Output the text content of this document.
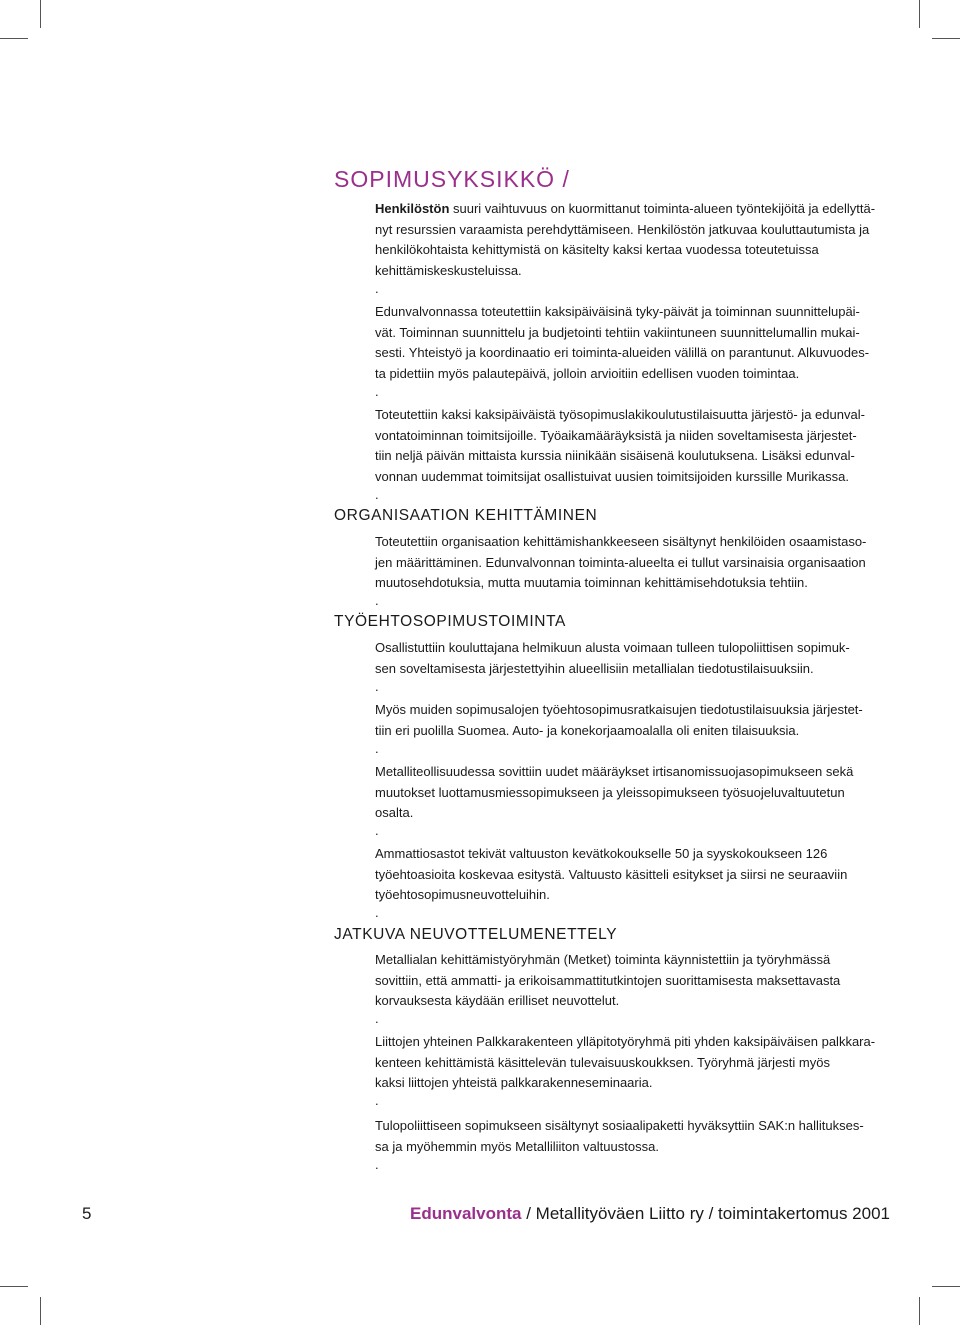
SOPIMUSYKSIKKÖ /

Henkilöstön suuri vaihtuvuus on kuormittanut toiminta-alueen työntekijöitä ja edellyttä-

nyt resurssien varaamista perehdyttämiseen. Henkilöstön jatkuvaa kouluttautumista ja

henkilökohtaista kehittymistä on käsitelty kaksi kertaa vuodessa toteutetuissa

kehittämiskeskusteluissa.

.

Edunvalvonnassa toteutettiin kaksipäiväisinä tyky-päivät ja toiminnan suunnittelupäi-

vät. Toiminnan suunnittelu ja budjetointi tehtiin vakiintuneen suunnittelumallin mukai-

sesti. Yhteistyö ja koordinaatio eri toiminta-alueiden välillä on parantunut. Alkuvuodes-

ta pidettiin myös palautepäivä, jolloin arvioitiin edellisen vuoden toimintaa.

.

Toteutettiin kaksi kaksipäiväistä työsopimuslakikoulutustilaisuutta järjestö- ja edunval-

vontatoiminnan toimitsijoille. Työaikamääräyksistä ja niiden soveltamisesta järjestet-

tiin neljä päivän mittaista kurssia niinikään sisäisenä koulutuksena. Lisäksi edunval-

vonnan uudemmat toimitsijat osallistuivat uusien toimitsijoiden kurssille Murikassa.

.

ORGANISAATION KEHITTÄMINEN

Toteutettiin organisaation kehittämishankkeeseen sisältynyt henkilöiden osaamistaso-

jen määrittäminen. Edunvalvonnan toiminta-alueelta ei tullut varsinaisia organisaation

muutosehdotuksia, mutta muutamia toiminnan kehittämisehdotuksia tehtiin.

.

TYÖEHTOSOPIMUSTOIMINTA

Osallistuttiin kouluttajana helmikuun alusta voimaan tulleen tulopoliittisen sopimuk-

sen soveltamisesta järjestettyihin alueellisiin metallialan tiedotustilaisuuksiin.

.

Myös muiden sopimusalojen työehtosopimusratkaisujen tiedotustilaisuuksia järjestet-

tiin eri puolilla Suomea. Auto- ja konekorjaamoalalla oli eniten tilaisuuksia.

.

Metalliteollisuudessa sovittiin uudet määräykset irtisanomissuojasopimukseen sekä

muutokset luottamusmiessopimukseen ja yleissopimukseen työsuojeluvaltuutetun

osalta.

.

Ammattiosastot tekivät valtuuston kevätkokoukselle 50 ja syyskokoukseen 126

työehtoasioita koskevaa esitystä. Valtuusto käsitteli esitykset ja siirsi ne seuraaviin

työehtosopimusneuvotteluihin.

.

JATKUVA NEUVOTTELUMENETTELY

Metallialan kehittämistyöryhmän (Metket) toiminta käynnistettiin ja työryhmässä

sovittiin, että ammatti- ja erikoisammattitutkintojen suorittamisesta maksettavasta

korvauksesta käydään erilliset neuvottelut.

.

Liittojen yhteinen Palkkarakenteen ylläpitotyöryhmä piti yhden kaksipäiväisen palkkara-

kenteen kehittämistä käsittelevän tulevaisuuskoukksen. Työryhmä järjesti myös

kaksi liittojen yhteistä palkkarakenneseminaaria.

.

Tulopoliittiseen sopimukseen sisältynyt sosiaalipaketti hyväksyttiin SAK:n hallitukses-

sa ja myöhemmin myös Metalliliiton valtuustossa.

.

5	Edunvalvonta / Metallityöväen Liitto ry / toimintakertomus 2001
